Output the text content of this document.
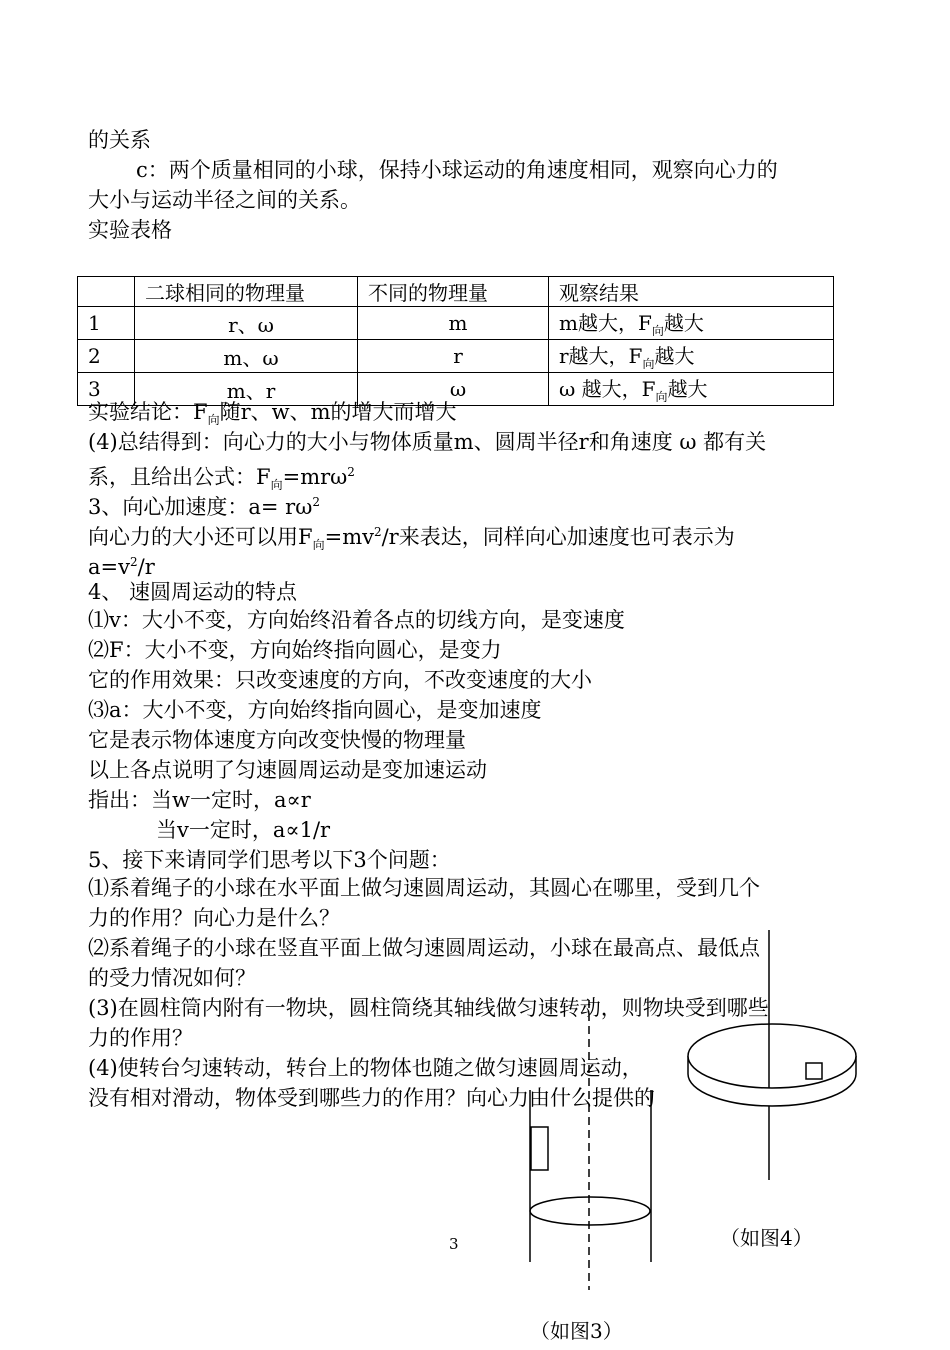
的关系
c：两个质量相同的小球，保持小球运动的角速度相同，观察向心力的
大小与运动半径之间的关系。
实验表格
	二球相同的物理量	不同的物理量	观察结果
1	r、ω	m	m越大，$F_向$越大
2	m、ω	r	r越大，$F_向$越大
3	m、r	ω	ω 越大，$F_向$越大
实验结论：$F_向$随r、w、m的增大而增大
(4)总结得到：向心力的大小与物体质量m、圆周半径r和角速度 ω 都有关
系，且给出公式：$F_向=mr\omega^2$
3、向心加速度：$a= r\omega^2$
向心力的大小还可以用$F_向=mv^2/r$来表达，同样向心加速度也可表示为
$a=v^2/r$
4、 速圆周运动的特点
⑴v：大小不变，方向始终沿着各点的切线方向，是变速度
⑵F：大小不变，方向始终指向圆心，是变力
它的作用效果：只改变速度的方向，不改变速度的大小
⑶a：大小不变，方向始终指向圆心，是变加速度
它是表示物体速度方向改变快慢的物理量
以上各点说明了匀速圆周运动是变加速运动
指出：当w一定时，a∝r
当v一定时，a∝1/r
5、接下来请同学们思考以下3个问题：
⑴系着绳子的小球在水平面上做匀速圆周运动，其圆心在哪里，受到几个
力的作用？向心力是什么？
⑵系着绳子的小球在竖直平面上做匀速圆周运动，小球在最高点、最低点
的受力情况如何？
(3)在圆柱筒内附有一物块，圆柱筒绕其轴线做匀速转动，则物块受到哪些
力的作用？
(4)使转台匀速转动，转台上的物体也随之做匀速圆周运动，
没有相对滑动，物体受到哪些力的作用？向心力由什么提供的
3	（如图4）
（如图3）
